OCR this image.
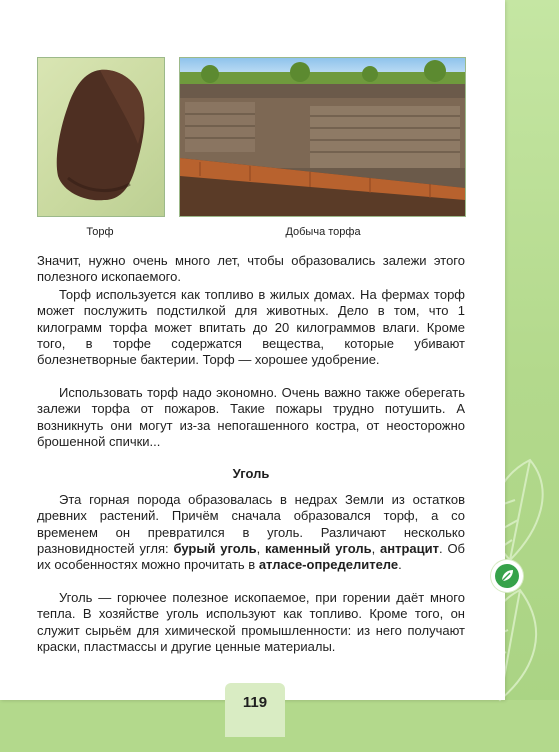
Торф	Добыча торфа

Значит, нужно очень много лет, чтобы образовались залежи этого полезного ископаемого.

Торф используется как топливо в жилых домах. На фермах торф может послужить подстилкой для животных. Дело в том, что 1 килограмм торфа может впитать до 20 килограммов влаги. Кроме того, в торфе содержатся вещества, которые убивают болезнетворные бактерии. Торф — хорошее удобрение.

Использовать торф надо экономно. Очень важно также оберегать залежи торфа от пожаров. Такие пожары трудно потушить. А возникнуть они могут из-за непогашенного костра, от неосторожно брошенной спички...

Уголь

Эта горная порода образовалась в недрах Земли из остатков древних растений. Причём сначала образовался торф, а со временем он превратился в уголь. Различают несколько разновидностей угля: бурый уголь, каменный уголь, антрацит. Об их особенностях можно прочитать в атласе-определителе.

Уголь — горючее полезное ископаемое, при горении даёт много тепла. В хозяйстве уголь используют как топливо. Кроме того, он служит сырьём для химической промышленности: из него получают краски, пластмассы и другие ценные материалы.

119
